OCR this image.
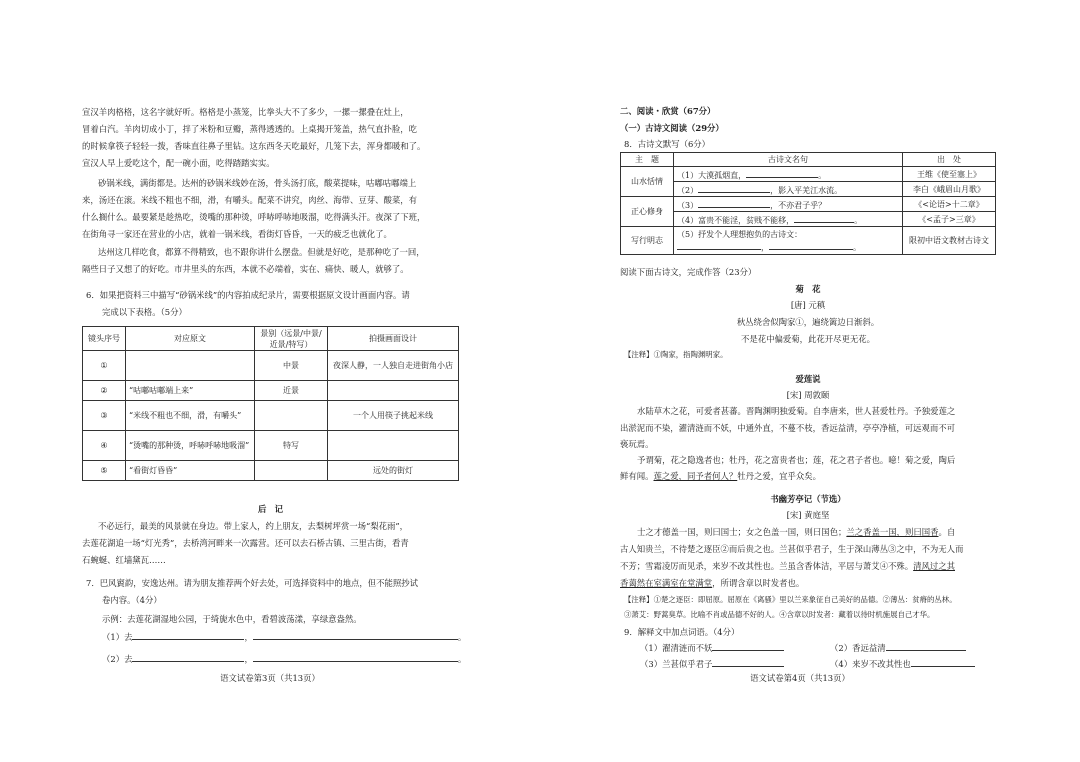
宣汉羊肉格格，这名字就好听。格格是小蒸笼，比拳头大不了多少，一摞一摞叠在灶上，
冒着白汽。羊肉切成小丁，拌了米粉和豆瓣，蒸得透透的。上桌揭开笼盖，热气直扑脸，吃
的时候拿筷子轻轻一拨，香味直往鼻子里钻。这东西冬天吃最好，几笼下去，浑身都暖和了。
宣汉人早上爱吃这个，配一碗小面，吃得踏踏实实。
砂锅米线，满街都是。达州的砂锅米线妙在汤，骨头汤打底，酸菜提味，咕嘟咕嘟端上
来，汤还在滚。米线不粗也不细，滑，有嚼头。配菜不讲究，肉丝、海带、豆芽、酸菜，有
什么搁什么。最要紧是趁热吃，烫嘴的那种烫，呼哧呼哧地吸溜，吃得满头汗。夜深了下班，
在街角寻一家还在营业的小店，就着一锅米线，看街灯昏昏，一天的疲乏也就化了。
达州这几样吃食，都算不得精致，也不跟你讲什么摆盘。但就是好吃，是那种吃了一回，
隔些日子又想了的好吃。市井里头的东西，本就不必端着，实在、痛快、暖人，就够了。
6．如果把资料三中描写“砂锅米线”的内容拍成纪录片，需要根据原文设计画面内容。请
完成以下表格。（5分）
镜头序号	对应原文	景别（远景/中景/近景/特写）	拍摄画面设计
①		中景	夜深人静，一人独自走进街角小店
②	“咕嘟咕嘟端上来”	近景	
③	“米线不粗也不细，滑，有嚼头”		一个人用筷子挑起米线
④	“烫嘴的那种烫，呼哧呼哧地吸溜”	特写	
⑤	“看街灯昏昏”		远处的街灯
后　记
不必远行，最美的风景就在身边。带上家人，约上朋友，去梨树坪赏一场“梨花雨”，
去莲花湖追一场“灯光秀”，去桥湾河畔来一次露营。还可以去石桥古镇、三里古街，看青
石蜿蜒、红墙黛瓦……
7．巴风賨韵，安逸达州。请为朋友推荐两个好去处，可选择资料中的地点，但不能照抄试
卷内容。（4分）
示例：去莲花湖湿地公园，于绮旎水色中，看碧波荡漾，享绿意盎然。
（1）去	，	。
（2）去	，	。
语文试卷第3页（共13页）
二、阅读・欣赏（67分）
（一）古诗文阅读（29分）
8．古诗文默写（6分）
主　题	古诗文名句	出　处
山水恬情	（1）大漠孤烟直， 。	王维《使至塞上》
	（2） ，影入平羌江水流。	李白《峨眉山月歌》
正心修身	（3） ，不亦君子乎？	《<论语>十二章》
	（4）富贵不能淫，贫贱不能移， 。	《<孟子>三章》
写行明志	（5）抒发个人理想抱负的古诗文：
， 。	限初中语文教材古诗文
阅读下面古诗文，完成作答（23分）
菊　花
[唐] 元稹
秋丛绕舍似陶家①，遍绕篱边日渐斜。
不是花中偏爱菊，此花开尽更无花。
【注释】①陶家，指陶渊明家。
爱莲说
[宋] 周敦颐
水陆草木之花，可爱者甚蕃。晋陶渊明独爱菊。自李唐来，世人甚爱牡丹。予独爱莲之
出淤泥而不染，濯清涟而不妖，中通外直，不蔓不枝，香远益清，亭亭净植，可远观而不可
亵玩焉。
予谓菊，花之隐逸者也；牡丹，花之富贵者也；莲，花之君子者也。噫！菊之爱，陶后
鲜有闻。莲之爱，同予者何人？牡丹之爱，宜乎众矣。
书幽芳亭记（节选）
[宋] 黄庭坚
士之才德盖一国，则曰国士；女之色盖一国，则曰国色；兰之香盖一国，则曰国香。自
古人知贵兰，不待楚之逐臣②而后贵之也。兰甚似乎君子，生于深山薄丛③之中，不为无人而
不芳；雪霜凌厉而见杀，来岁不改其性也。兰虽含香体洁，平居与萧艾④不殊。清风过之其
香蔼然在室满室在堂满堂，所谓含章以时发者也。
【注释】①楚之逐臣：即屈原。屈原在《离骚》里以兰来象征自己美好的品德。②薄丛：贫瘠的丛林。
③萧艾：野蒿臭草。比喻不肖或品德不好的人。④含章以时发者：藏着以待时机施展自己才华。
9．解释文中加点词语。（4分）
（1）濯清涟而不妖	（2）香远益清
（3）兰甚似乎君子	（4）来岁不改其性也
语文试卷第4页（共13页）
